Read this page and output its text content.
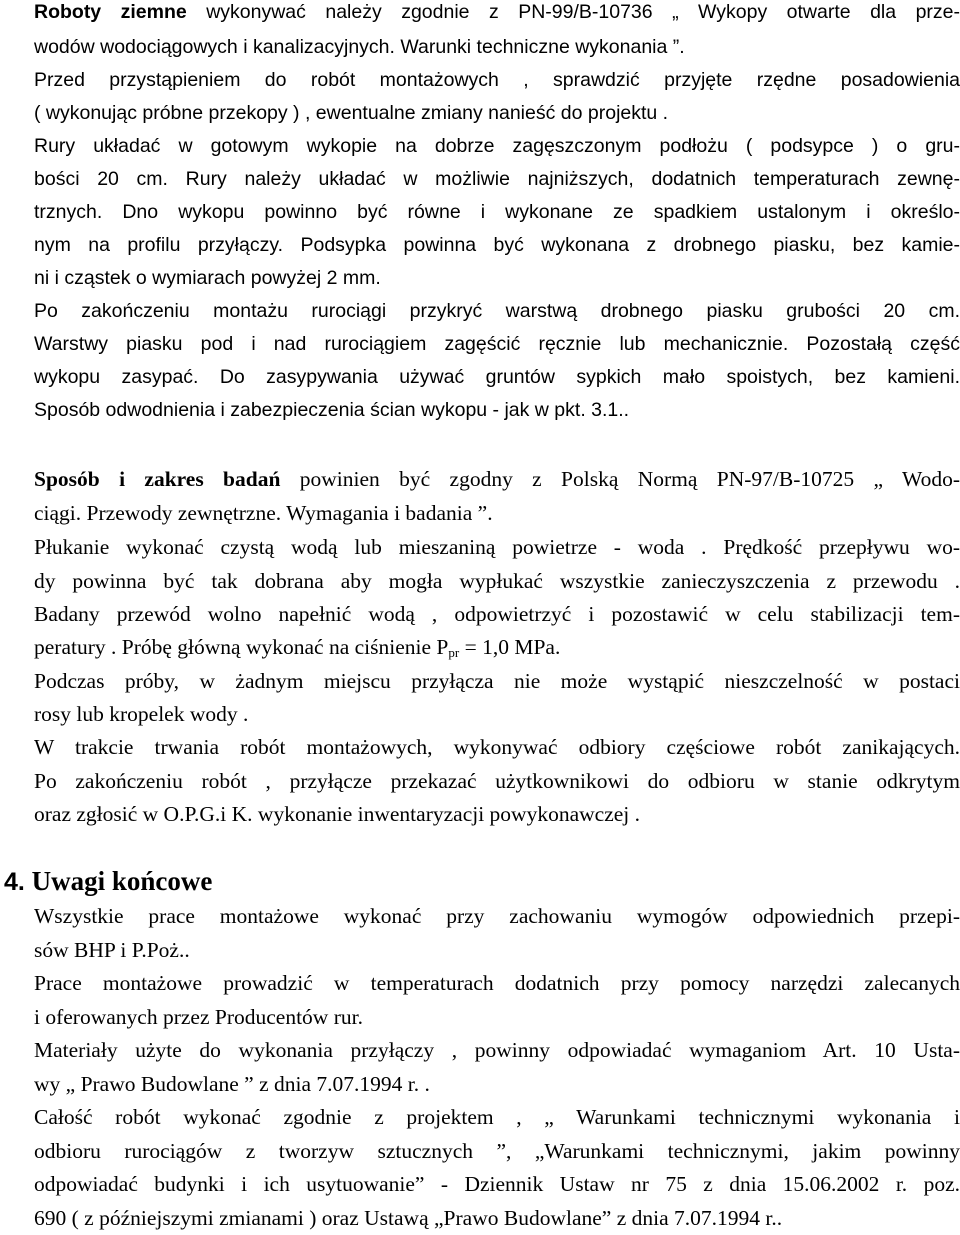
Roboty ziemne wykonywać należy zgodnie z PN-99/B-10736 „ Wykopy otwarte dla prze-
wodów wodociągowych i kanalizacyjnych. Warunki techniczne wykonania ”.
Przed przystąpieniem do robót montażowych , sprawdzić przyjęte rzędne posadowienia
( wykonując próbne przekopy ) , ewentualne zmiany nanieść do projektu .
Rury układać w gotowym wykopie na dobrze zagęszczonym podłożu ( podsypce ) o gru-
bości 20 cm. Rury należy układać w możliwie najniższych, dodatnich temperaturach zewnę-
trznych. Dno wykopu powinno być równe i wykonane ze spadkiem ustalonym i określo-
nym na profilu przyłączy. Podsypka powinna być wykonana z drobnego piasku, bez kamie-
ni i cząstek o wymiarach powyżej 2 mm.
Po zakończeniu montażu rurociągi przykryć warstwą drobnego piasku grubości 20 cm.
Warstwy piasku pod i nad rurociągiem zagęścić ręcznie lub mechanicznie. Pozostałą część
wykopu zasypać. Do zasypywania używać gruntów sypkich mało spoistych, bez kamieni.
Sposób odwodnienia i zabezpieczenia ścian wykopu - jak w pkt. 3.1..
Sposób i zakres badań powinien być zgodny z Polską Normą PN-97/B-10725 „ Wodo-
ciągi. Przewody zewnętrzne. Wymagania i badania ”.
Płukanie wykonać czystą wodą lub mieszaniną powietrze - woda . Prędkość przepływu wo-
dy powinna być tak dobrana aby mogła wypłukać wszystkie zanieczyszczenia z przewodu .
Badany przewód wolno napełnić wodą , odpowietrzyć i pozostawić w celu stabilizacji tem-
peratury . Próbę główną wykonać na ciśnienie $P_{pr} = 1,0$ MPa.
Podczas próby, w żadnym miejscu przyłącza nie może wystąpić nieszczelność w postaci
rosy lub kropelek wody .
W trakcie trwania robót montażowych, wykonywać odbiory częściowe robót zanikających.
Po zakończeniu robót , przyłącze przekazać użytkownikowi do odbioru w stanie odkrytym
oraz zgłosić w O.P.G.i K. wykonanie inwentaryzacji powykonawczej .
4. Uwagi końcowe
Wszystkie prace montażowe wykonać przy zachowaniu wymogów odpowiednich przepi-
sów BHP i P.Poż..
Prace montażowe prowadzić w temperaturach dodatnich przy pomocy narzędzi zalecanych
i oferowanych przez Producentów rur.
Materiały użyte do wykonania przyłączy , powinny odpowiadać wymaganiom Art. 10 Usta-
wy „ Prawo Budowlane ” z dnia 7.07.1994 r. .
Całość robót wykonać zgodnie z projektem , „ Warunkami technicznymi wykonania i
odbioru rurociągów z tworzyw sztucznych ”, „Warunkami technicznymi, jakim powinny
odpowiadać budynki i ich usytuowanie” - Dziennik Ustaw nr 75 z dnia 15.06.2002 r. poz.
690 ( z późniejszymi zmianami ) oraz Ustawą „Prawo Budowlane” z dnia 7.07.1994 r..
